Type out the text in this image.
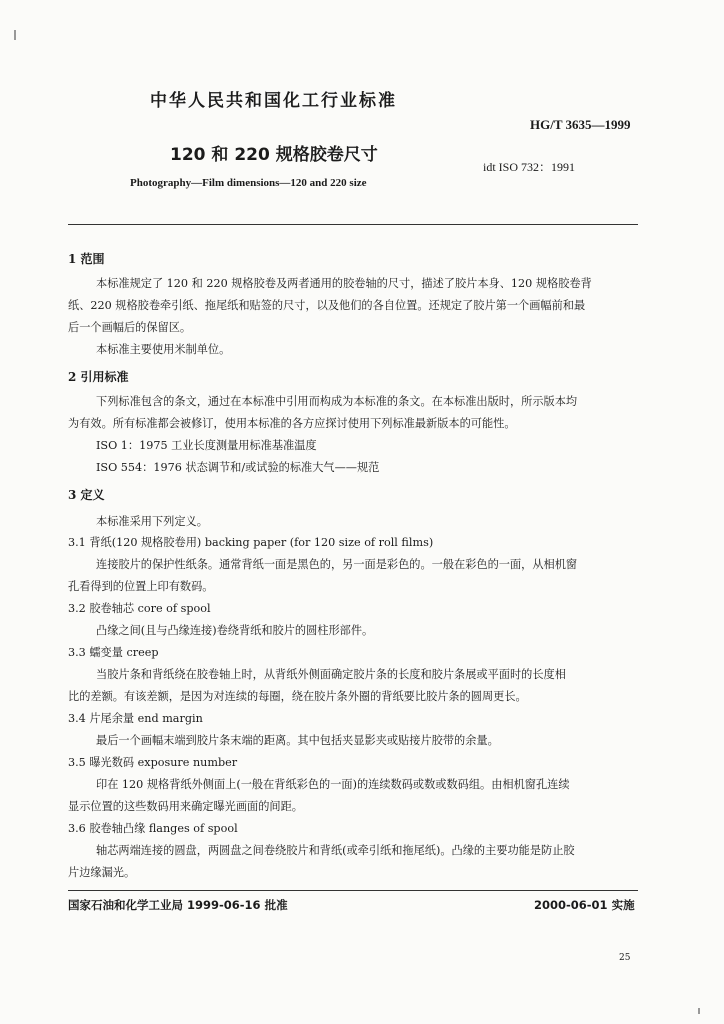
中华人民共和国化工行业标准
HG/T 3635—1999
120 和 220 规格胶卷尺寸
idt ISO 732：1991
Photography—Film dimensions—120 and 220 size
1 范围
2 引用标准
3 定义
本标准规定了 120 和 220 规格胶卷及两者通用的胶卷轴的尺寸，描述了胶片本身、120 规格胶卷背
纸、220 规格胶卷牵引纸、拖尾纸和贴签的尺寸，以及他们的各自位置。还规定了胶片第一个画幅前和最
后一个画幅后的保留区。
本标准主要使用米制单位。
下列标准包含的条文，通过在本标准中引用而构成为本标准的条文。在本标准出版时，所示版本均
为有效。所有标准都会被修订，使用本标准的各方应探讨使用下列标准最新版本的可能性。
ISO 1：1975 工业长度测量用标准基准温度
ISO 554：1976 状态调节和/或试验的标准大气——规范
本标准采用下列定义。
3.1 背纸(120 规格胶卷用) backing paper (for 120 size of roll films)
连接胶片的保护性纸条。通常背纸一面是黑色的，另一面是彩色的。一般在彩色的一面，从相机窗
孔看得到的位置上印有数码。
3.2 胶卷轴芯 core of spool
凸缘之间(且与凸缘连接)卷绕背纸和胶片的圆柱形部件。
3.3 蠕变量 creep
当胶片条和背纸绕在胶卷轴上时，从背纸外侧面确定胶片条的长度和胶片条展或平面时的长度相
比的差额。有该差额，是因为对连续的每圈，绕在胶片条外圈的背纸要比胶片条的圆周更长。
3.4 片尾余量 end margin
最后一个画幅末端到胶片条末端的距离。其中包括夹显影夹或贴接片胶带的余量。
3.5 曝光数码 exposure number
印在 120 规格背纸外侧面上(一般在背纸彩色的一面)的连续数码或数或数码组。由相机窗孔连续
显示位置的这些数码用来确定曝光画面的间距。
3.6 胶卷轴凸缘 flanges of spool
轴芯两端连接的圆盘，两圆盘之间卷绕胶片和背纸(或牵引纸和拖尾纸)。凸缘的主要功能是防止胶
片边缘漏光。
国家石油和化学工业局 1999-06-16 批准	2000-06-01 实施
25
